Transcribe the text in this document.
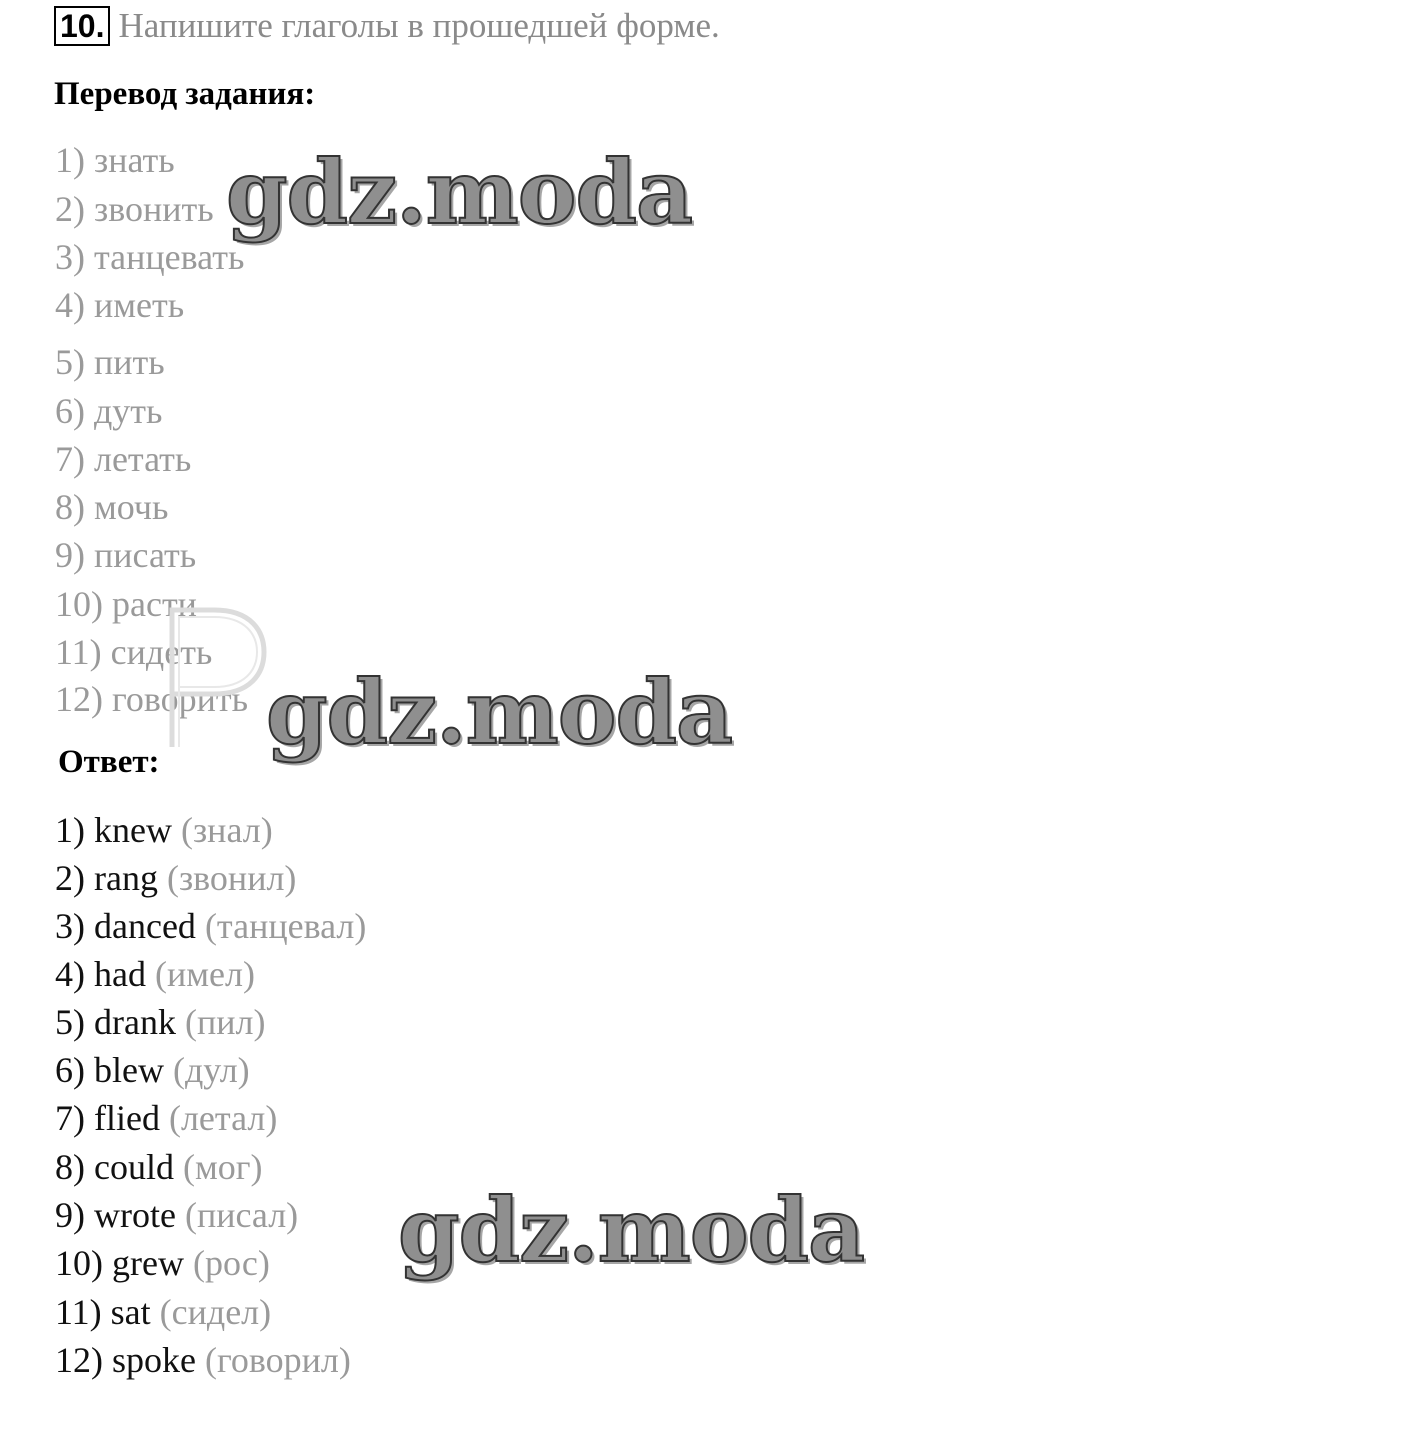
10. Напишите глаголы в прошедшей форме.
Перевод задания:
1) знать
2) звонить
3) танцевать
4) иметь
5) пить
6) дуть
7) летать
8) мочь
9) писать
10) расти
11) сидеть
12) говорить
Ответ:
1) knew (знал)
2) rang (звонил)
3) danced (танцевал)
4) had (имел)
5) drank (пил)
6) blew (дул)
7) flied (летал)
8) could (мог)
9) wrote (писал)
10) grew (рос)
11) sat (сидел)
12) spoke (говорил)
gdz.moda
gdz.moda
gdz.moda
